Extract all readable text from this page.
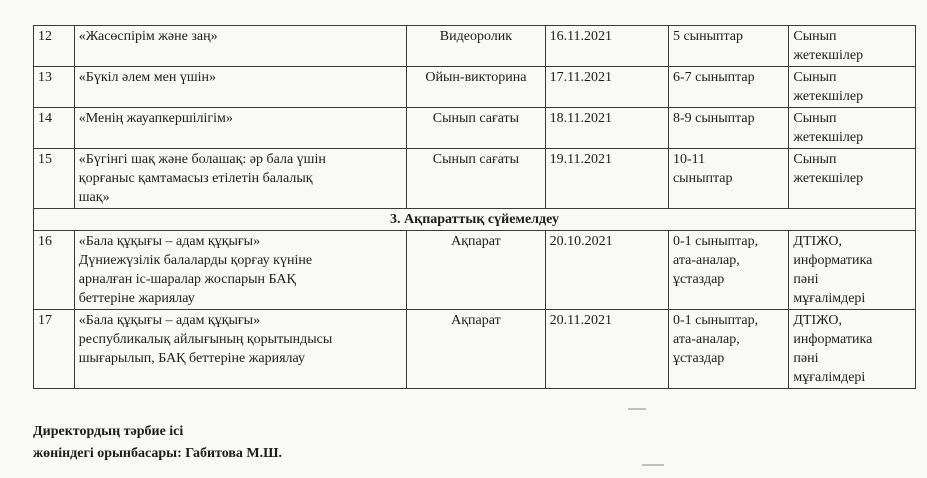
12	«Жасөспірім және заң»	Видеоролик	16.11.2021	5 сыныптар	Сынып
жетекшілер

13	«Бүкіл әлем мен үшін»	Ойын-викторина	17.11.2021	6-7 сыныптар	Сынып
жетекшілер

14	«Менің жауапкершілігім»	Сынып сағаты	18.11.2021	8-9 сыныптар	Сынып
жетекшілер

15	«Бүгінгі шақ және болашақ: әр бала үшін
қорғаныс қамтамасыз етілетін балалық
шақ»	Сынып сағаты	19.11.2021	10-11
сыныптар	Сынып
жетекшілер

3. Ақпараттық сүйемелдеу					
16	«Бала құқығы – адам құқығы»
Дүниежүзілік балаларды қорғау күніне
арналған іс-шаралар жоспарын БАҚ
беттеріне жариялау	Ақпарат	20.10.2021	0-1 сыныптар,
ата-аналар,
ұстаздар	ДТІЖО,
информатика
пәні
мұғалімдері

17	«Бала құқығы – адам құқығы»
республикалық айлығының қорытындысы
шығарылып, БАҚ беттеріне жариялау	Ақпарат	20.11.2021	0-1 сыныптар,
ата-аналар,
ұстаздар	ДТІЖО,
информатика
пәні
мұғалімдері
Директордың тәрбие ісі
жөніндегі орынбасары: Габитова М.Ш.
